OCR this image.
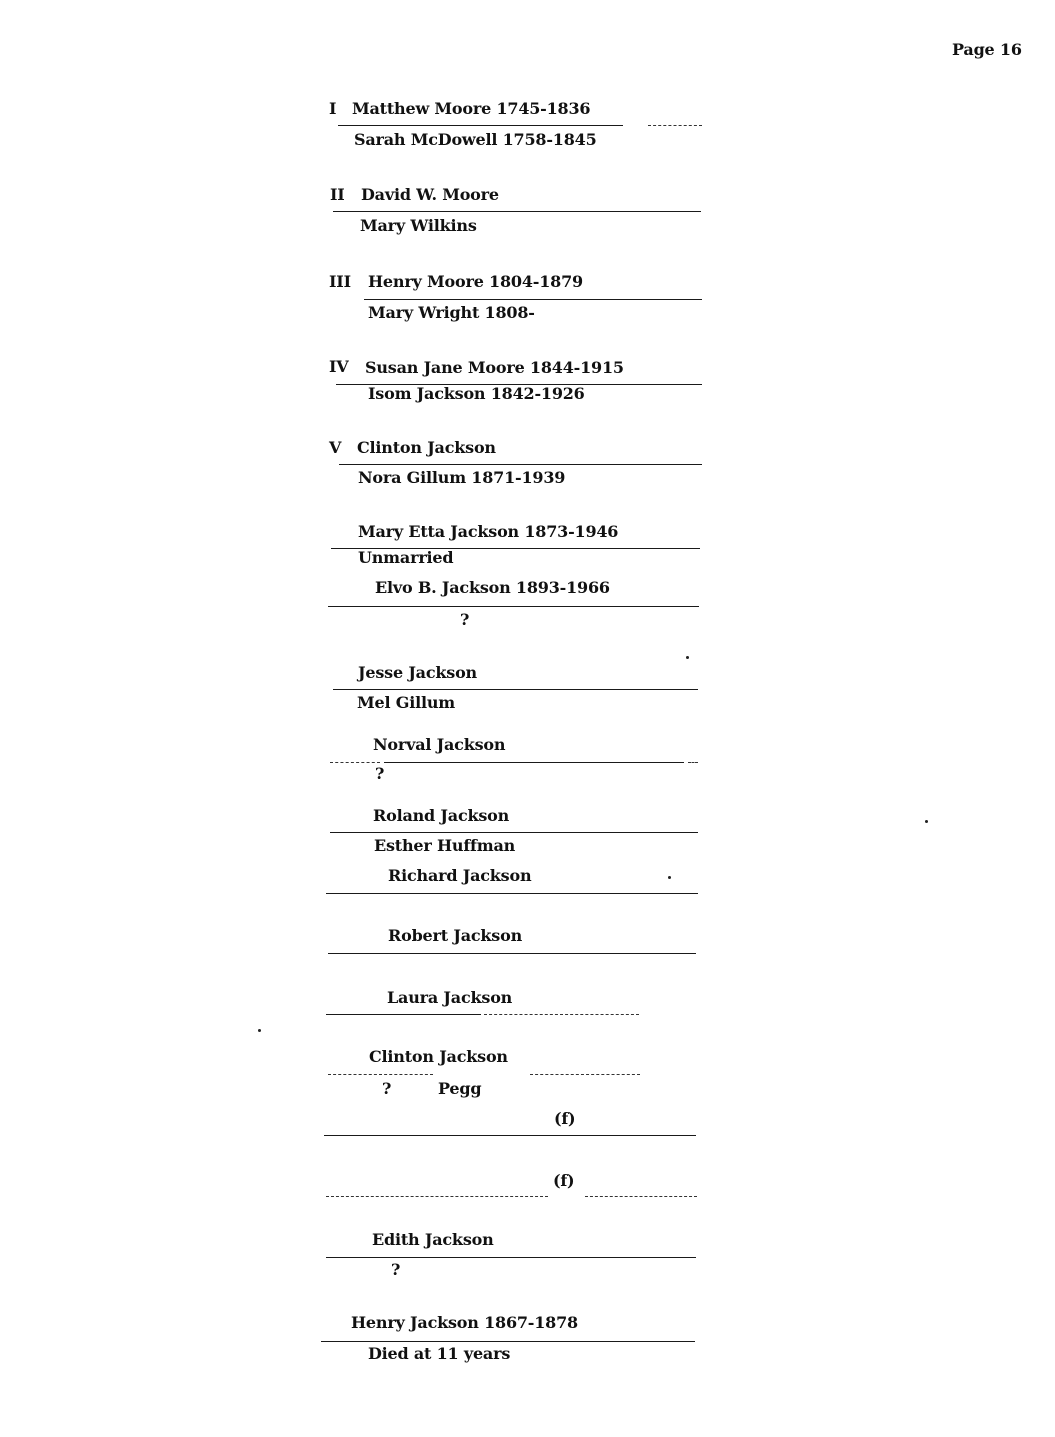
Page 16
I Matthew Moore 1745-1836
Sarah McDowell 1758-1845
II David W. Moore
Mary Wilkins
III Henry Moore 1804-1879
Mary Wright 1808-
IV Susan Jane Moore 1844-1915
Isom Jackson 1842-1926
V Clinton Jackson
Nora Gillum 1871-1939
Mary Etta Jackson 1873-1946
Unmarried
Elvo B. Jackson 1893-1966
?
Jesse Jackson
Mel Gillum
Norval Jackson
?
Roland Jackson
Esther Huffman
Richard Jackson
Robert Jackson
Laura Jackson
Clinton Jackson
?	Pegg
(f)
(f)
Edith Jackson
?
Henry Jackson 1867-1878
Died at 11 years
